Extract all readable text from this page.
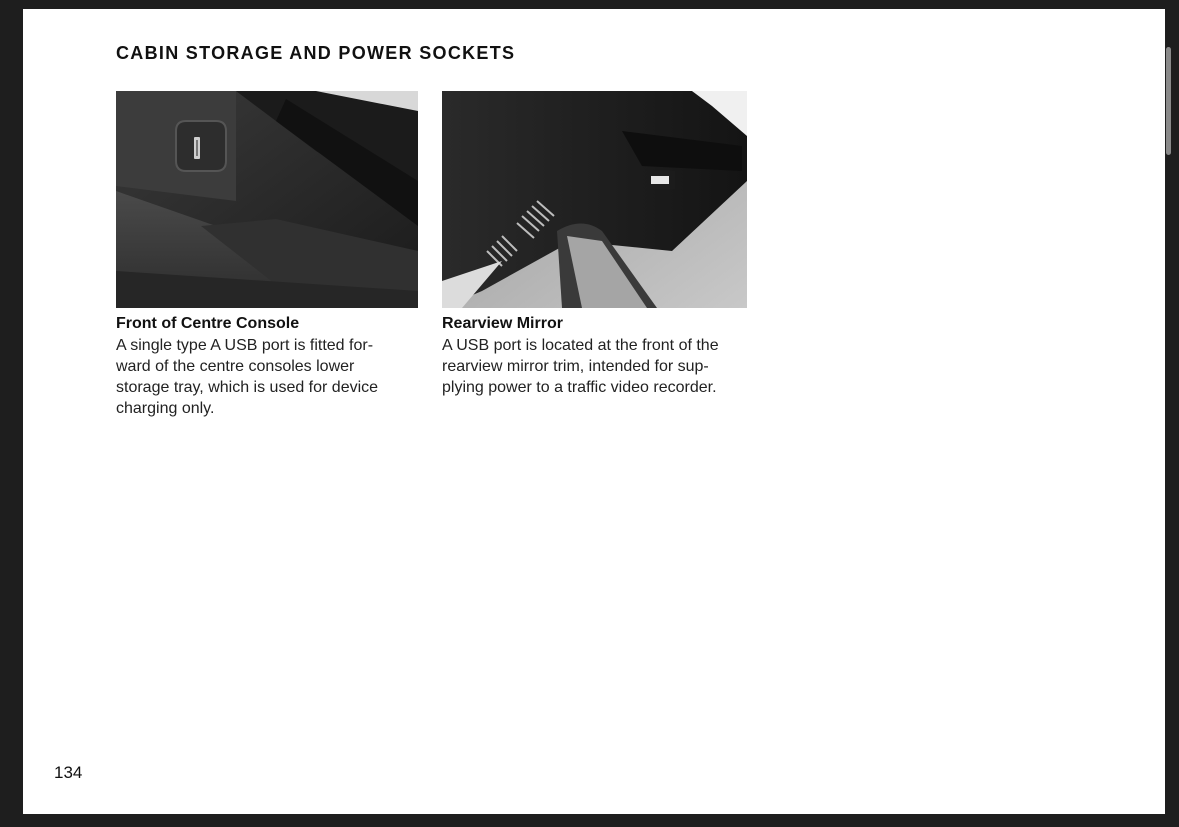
CABIN STORAGE AND POWER SOCKETS
Front of Centre Console
A single type A USB port is fitted for-
ward of the centre consoles lower
storage tray, which is used for device
charging only.
Rearview Mirror
A USB port is located at the front of the
rearview mirror trim, intended for sup-
plying power to a traffic video recorder.
134
